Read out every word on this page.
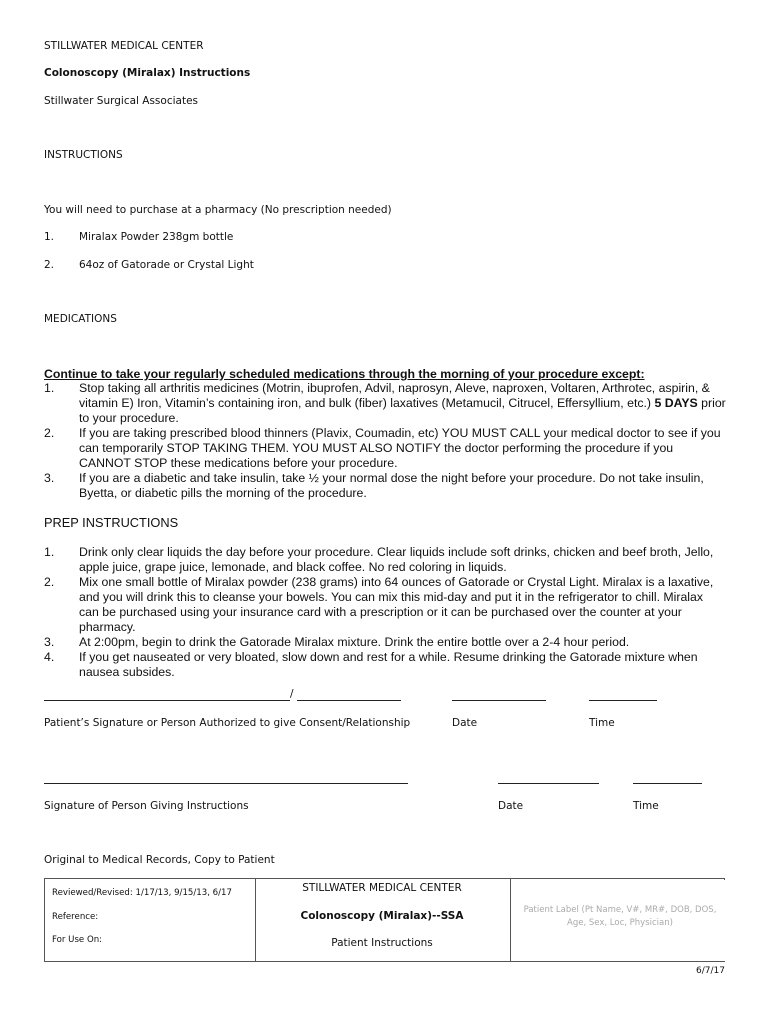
STILLWATER MEDICAL CENTER
Colonoscopy (Miralax) Instructions
Stillwater Surgical Associates
INSTRUCTIONS
You will need to purchase at a pharmacy (No prescription needed)
1. Miralax Powder 238gm bottle
2. 64oz of Gatorade or Crystal Light
MEDICATIONS
Continue to take your regularly scheduled medications through the morning of your procedure except:
1. Stop taking all arthritis medicines (Motrin, ibuprofen, Advil, naprosyn, Aleve, naproxen, Voltaren, Arthrotec, aspirin, & vitamin E) Iron, Vitamin’s containing iron, and bulk (fiber) laxatives (Metamucil, Citrucel, Effersyllium, etc.) 5 DAYS prior to your procedure.
2. If you are taking prescribed blood thinners (Plavix, Coumadin, etc) YOU MUST CALL your medical doctor to see if you can temporarily STOP TAKING THEM. YOU MUST ALSO NOTIFY the doctor performing the procedure if you CANNOT STOP these medications before your procedure.
3. If you are a diabetic and take insulin, take ½ your normal dose the night before your procedure. Do not take insulin, Byetta, or diabetic pills the morning of the procedure.
PREP INSTRUCTIONS
1. Drink only clear liquids the day before your procedure. Clear liquids include soft drinks, chicken and beef broth, Jello, apple juice, grape juice, lemonade, and black coffee. No red coloring in liquids.
2. Mix one small bottle of Miralax powder (238 grams) into 64 ounces of Gatorade or Crystal Light. Miralax is a laxative, and you will drink this to cleanse your bowels. You can mix this mid-day and put it in the refrigerator to chill. Miralax can be purchased using your insurance card with a prescription or it can be purchased over the counter at your pharmacy.
3. At 2:00pm, begin to drink the Gatorade Miralax mixture. Drink the entire bottle over a 2-4 hour period.
4. If you get nauseated or very bloated, slow down and rest for a while. Resume drinking the Gatorade mixture when nausea subsides.
/
Patient’s Signature or Person Authorized to give Consent/Relationship	Date	Time
Signature of Person Giving Instructions	Date	Time
Original to Medical Records, Copy to Patient

Reviewed/Revised: 1/17/13, 9/15/13, 6/17
Reference:
For Use On:
STILLWATER MEDICAL CENTER
Colonoscopy (Miralax)--SSA
Patient Instructions
Patient Label (Pt Name, V#, MR#, DOB, DOS, Age, Sex, Loc, Physician)
6/7/17
